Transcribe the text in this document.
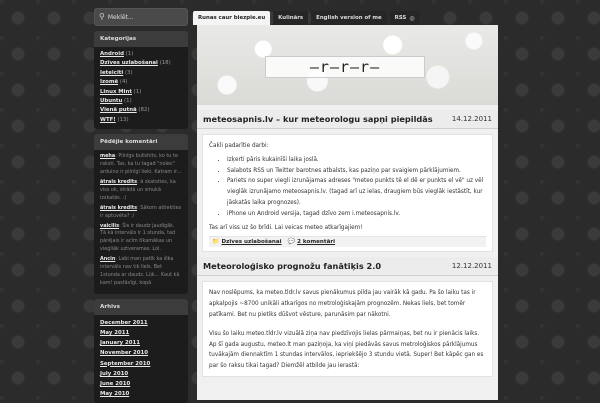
⚲
Meklēt...
Kategorijas
Android (1)
Dzīves uzlabošanai (18)
Ieteicīti (3)
Izomē (4)
Linux Mint (1)
Ubuntu (1)
Vienā putnā (82)
WTF! (13)
Pēdējie komentāri
meha: Pilnīgs bullshits, ko tu te raksti. Tas, ka tu tagad "nolec" arduino ir pilnīgi lieki. Katram ir...
ātrais kredīts: ā skatoties, ka viss ok, strādā un smukā izskatās. :)
ātrais kredīts: Sākom attiekties ir aptuvēta? :/
vaicīlis: Šis ir daudz jaudīgāk. Tā kā intervāls ir 1 stunda, tad pārējais ir acīm tīkamākas un viegliāk uztveramas. Lol.
Ancin: Labi man patīk ka šīka intervāls nav tik liels. Bet 1stunda ar daudz. Lūk... Kaut kā kam! pastāvīgi, kopā
Arhīvs
December 2011
May 2011
January 2011
November 2010
September 2010
July 2010
June 2010
May 2010
Runas caur biezpie.eu Kulinārs English version of me RSS ◎
—r—r—r—
meteosapnis.lv – kur meteorologu sapņi piepildās	14.12.2011

Čakli padarītie darbi:

• Izķerti pāris kukainīši laika joslā.
• Salabots RSS un Twitter barotnes atbalsts, kas paziņo par svaigiem pārklājumiem.
• Pariets no super viegli izrunājamas adreses "meteo punkts tē el dē er punkts el vē" uz vēl vieglāk izrunājamo meteosapnis.lv. (tagad arī uz ielas, draugiem būs vieglāk iestāstīt, kur jāskatās laika prognozes).
• iPhone un Android versija, tagad dzīvo zem i.meteosapnis.lv.

Tas arī viss uz šo brīdi. Lai veicas meteo atkarīgajiem!

📁 Dzīves uzlabošanai 💬 2 komentāri
Meteoroloģisko prognožu fanātiķis 2.0	12.12.2011

Nav noslēpums, ka meteo.tldr.lv savus pienākumus pilda jau vairāk kā gadu. Pa šo laiku tas ir apkalpojis ~8700 unikāli atkarīgos no metroloģiskajām prognozēm. Nekas liels, bet tomēr patīkami. Bet nu pietiks dūšvot vēsture, parunāsim par nākotni.

Visu šo laiku meteo.tldr.lv vizuālā ziņa nav piedzīvojis lielas pārmaiņas, bet nu ir pienācis laiks. Ap šī gada augustu, meteo.lt man paziņoja, ka viņi piedāvās savus metroloģiskos pārklājumus tuvākajām diennaktīm 1 stundas intervālos, iepriekšējo 3 stundu vietā. Super! Bet kāpēc gan es par šo raksu tikai tagad? Diemžēl atbilde jau ierastā:
